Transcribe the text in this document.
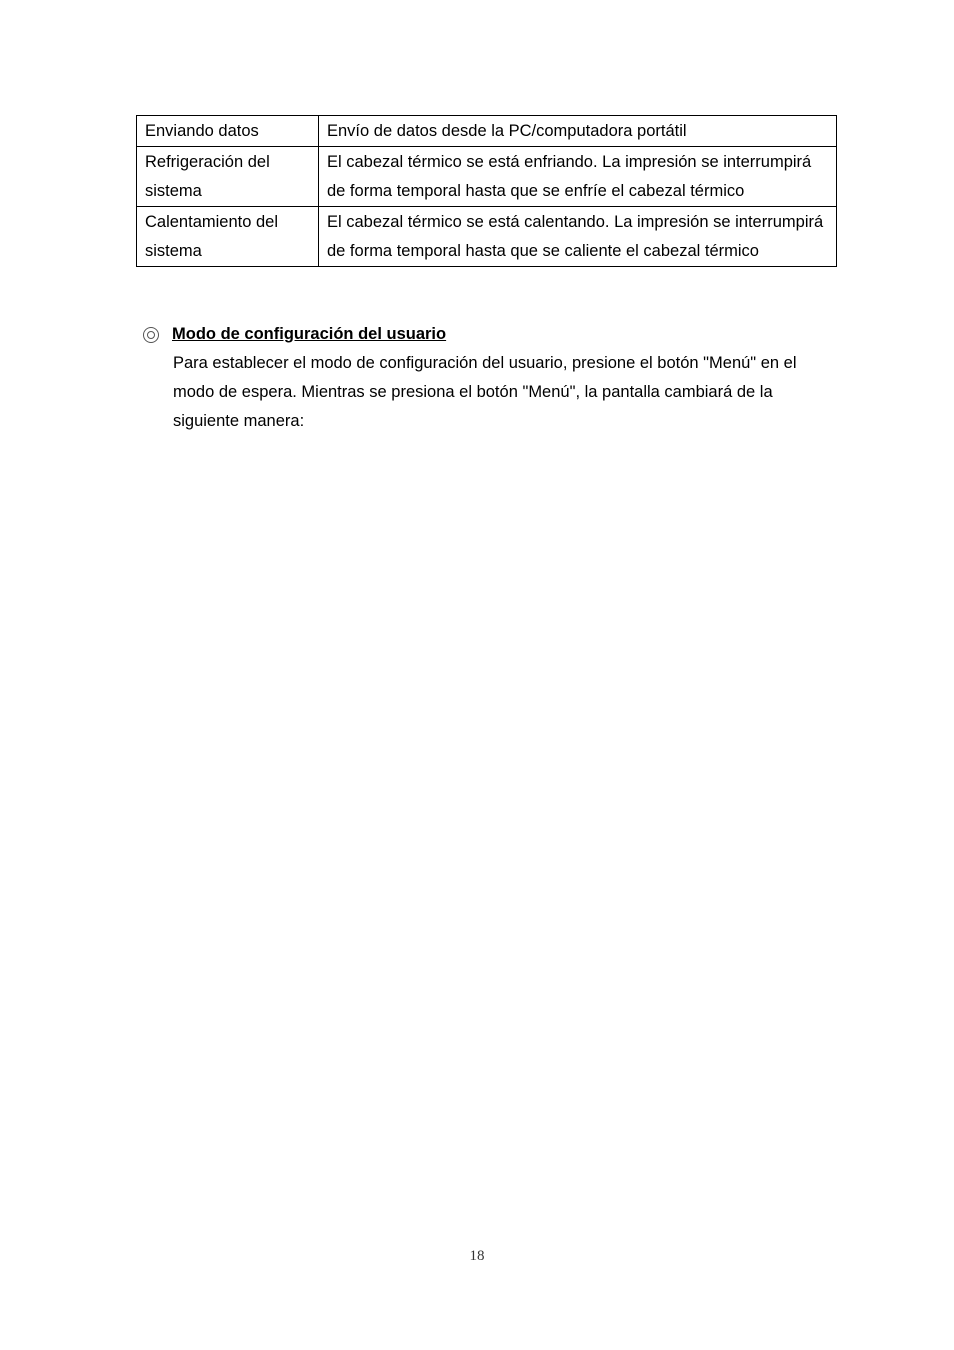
Enviando datos	Envío de datos desde la PC/computadora portátil
Refrigeración del sistema	El cabezal térmico se está enfriando. La impresión se interrumpirá de forma temporal hasta que se enfríe el cabezal térmico
Calentamiento del sistema	El cabezal térmico se está calentando. La impresión se interrumpirá de forma temporal hasta que se caliente el cabezal térmico
Modo de configuración del usuario
Para establecer el modo de configuración del usuario, presione el botón "Menú" en el modo de espera. Mientras se presiona el botón "Menú", la pantalla cambiará de la siguiente manera:
18
